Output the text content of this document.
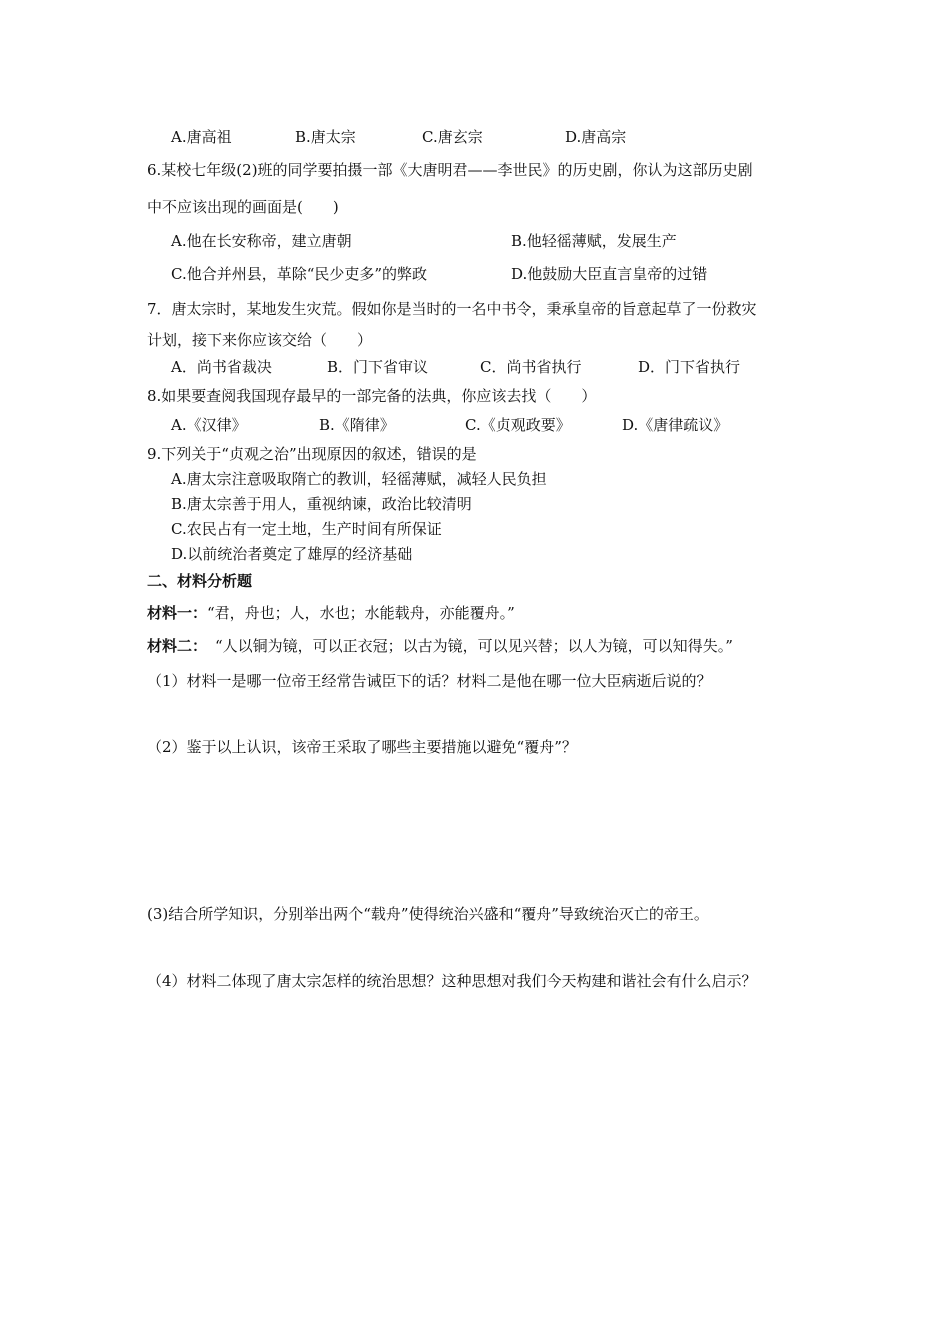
A.唐高祖	B.唐太宗	C.唐玄宗	D.唐高宗
6.某校七年级(2)班的同学要拍摄一部《大唐明君——李世民》的历史剧，你认为这部历史剧
中不应该出现的画面是(　　)
A.他在长安称帝，建立唐朝	B.他轻徭薄赋，发展生产
C.他合并州县，革除“民少吏多”的弊政	D.他鼓励大臣直言皇帝的过错
7．唐太宗时，某地发生灾荒。假如你是当时的一名中书令，秉承皇帝的旨意起草了一份救灾
计划，接下来你应该交给（　　）
A．尚书省裁决	B．门下省审议	C．尚书省执行	D．门下省执行
8.如果要查阅我国现存最早的一部完备的法典，你应该去找（　　）
A.《汉律》	B.《隋律》	C.《贞观政要》	D.《唐律疏议》
9.下列关于“贞观之治”出现原因的叙述，错误的是
A.唐太宗注意吸取隋亡的教训，轻徭薄赋，减轻人民负担
B.唐太宗善于用人，重视纳谏，政治比较清明
C.农民占有一定土地，生产时间有所保证
D.以前统治者奠定了雄厚的经济基础
二、材料分析题
材料一：“君，舟也；人，水也；水能载舟，亦能覆舟。”
材料二： “人以铜为镜，可以正衣冠；以古为镜，可以见兴替；以人为镜，可以知得失。”
（1）材料一是哪一位帝王经常告诫臣下的话？材料二是他在哪一位大臣病逝后说的？
（2）鉴于以上认识，该帝王采取了哪些主要措施以避免“覆舟”？
(3)结合所学知识，分别举出两个“载舟”使得统治兴盛和“覆舟”导致统治灭亡的帝王。
（4）材料二体现了唐太宗怎样的统治思想？这种思想对我们今天构建和谐社会有什么启示？
